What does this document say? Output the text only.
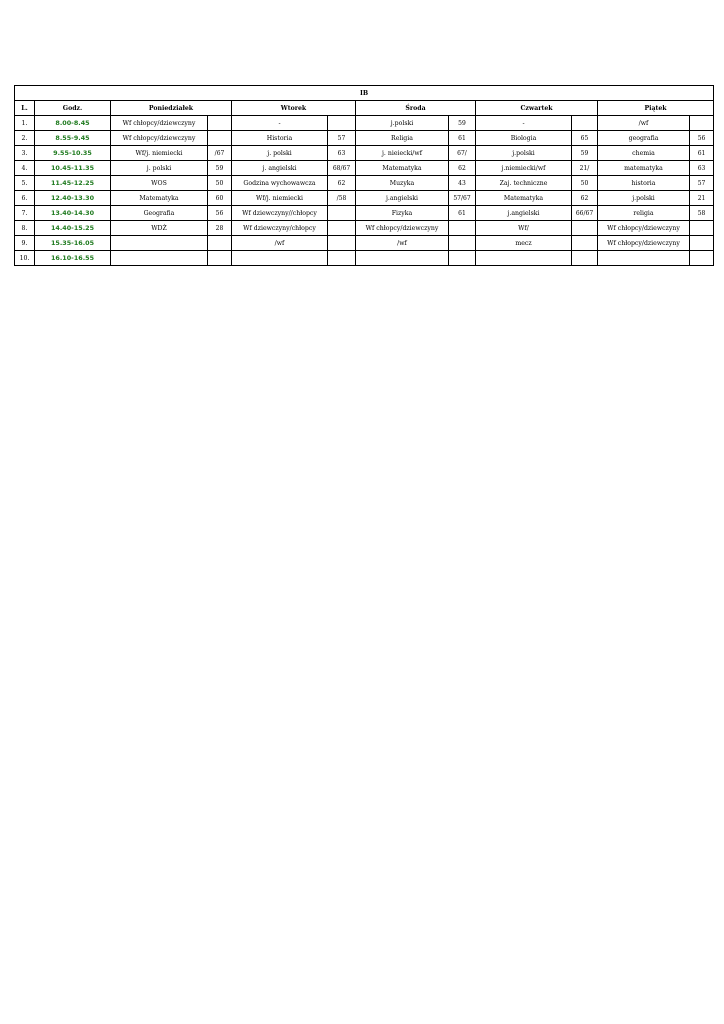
IB											
L.	Godz.	Poniedziałek		Wtorek		Środa		Czwartek		Piątek	
1.	8.00-8.45	Wf chłopcy/dziewczyny		-		j.polski	59	-		/wf	
2.	8.55-9.45	Wf chłopcy/dziewczyny		Historia	57	Religia	61	Biologia	65	geografia	56
3.	9.55-10.35	Wf/j. niemiecki	/67	j. polski	63	j. nieiecki/wf	67/	j.polski	59	chemia	61
4.	10.45-11.35	j. polski	59	j. angielski	68/67	Matematyka	62	j.niemiecki/wf	21/	matematyka	63
5.	11.45-12.25	WOS	50	Godzina wychowawcza	62	Muzyka	43	Zaj. techniczne	50	historia	57
6.	12.40-13.30	Matematyka	60	Wf/j. niemiecki	/58	j.angielski	57/67	Matematyka	62	j.polski	21
7.	13.40-14.30	Geografia	56	Wf dziewczyny//chłopcy		Fizyka	61	j.angielski	66/67	religia	58
8.	14.40-15.25	WDŻ	28	Wf dziewczyny/chłopcy		Wf chłopcy/dziewczyny		Wf/		Wf chłopcy/dziewczyny	
9.	15.35-16.05			/wf		/wf		mecz		Wf chłopcy/dziewczyny	
10.	16.10-16.55										
